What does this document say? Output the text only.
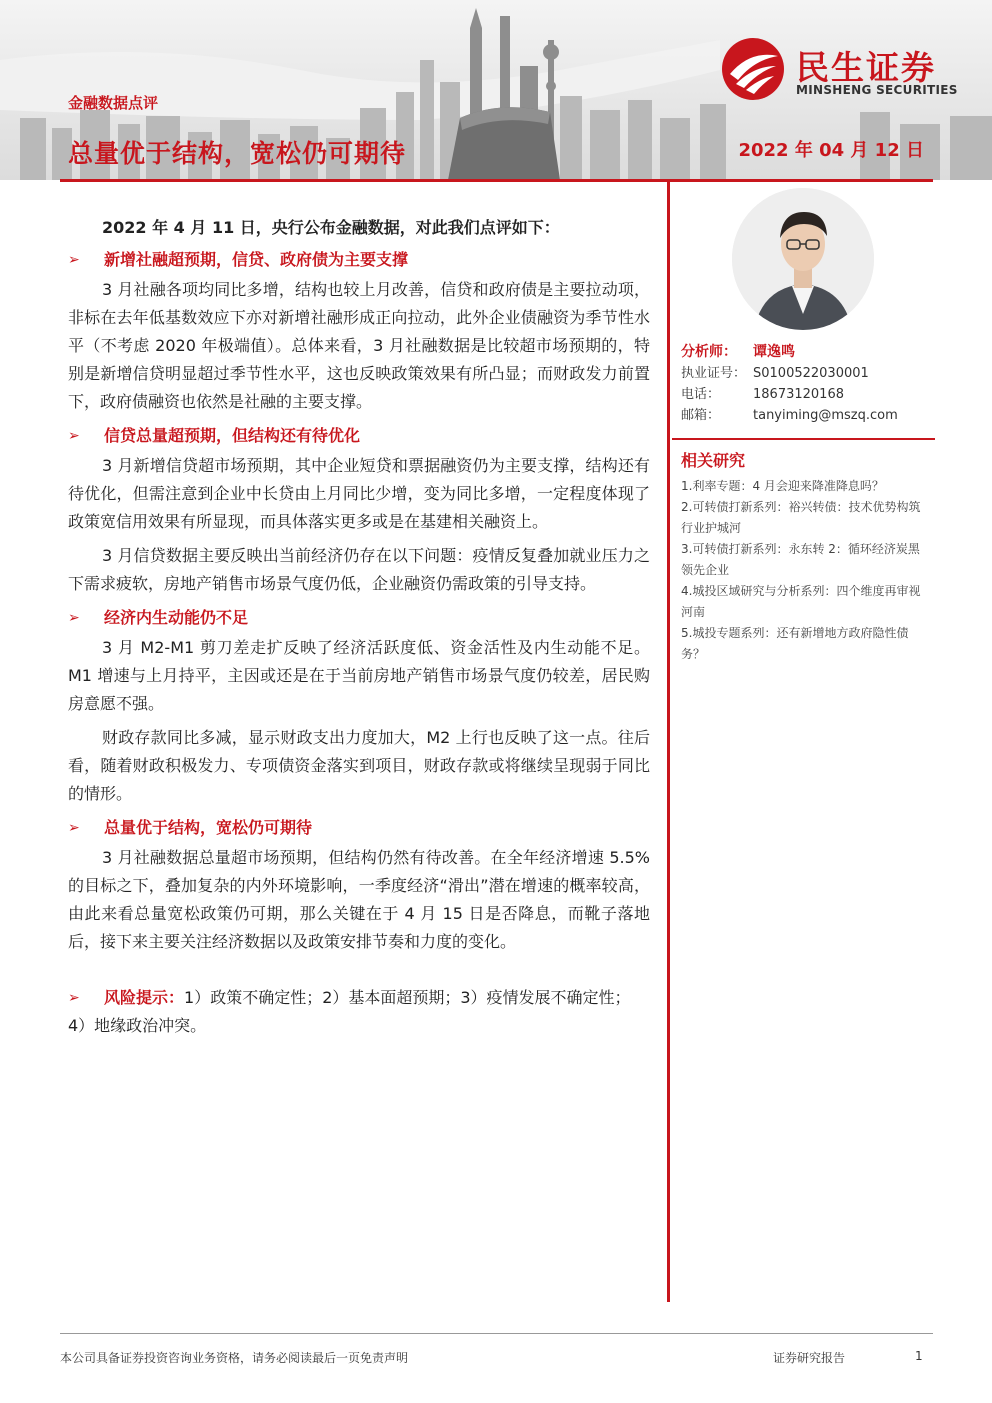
金融数据点评
总量优于结构，宽松仍可期待	2022 年 04 月 12 日
民生证券
MINSHENG SECURITIES

2022 年 4 月 11 日，央行公布金融数据，对此我们点评如下：

➢ 新增社融超预期，信贷、政府债为主要支撑

3 月社融各项均同比多增，结构也较上月改善，信贷和政府债是主要拉动项，非标在去年低基数效应下亦对新增社融形成正向拉动，此外企业债融资为季节性水平（不考虑 2020 年极端值）。总体来看，3 月社融数据是比较超市场预期的，特别是新增信贷明显超过季节性水平，这也反映政策效果有所凸显；而财政发力前置下，政府债融资也依然是社融的主要支撑。

➢ 信贷总量超预期，但结构还有待优化

3 月新增信贷超市场预期，其中企业短贷和票据融资仍为主要支撑，结构还有待优化，但需注意到企业中长贷由上月同比少增，变为同比多增，一定程度体现了政策宽信用效果有所显现，而具体落实更多或是在基建相关融资上。

3 月信贷数据主要反映出当前经济仍存在以下问题：疫情反复叠加就业压力之下需求疲软，房地产销售市场景气度仍低，企业融资仍需政策的引导支持。

➢ 经济内生动能仍不足

3 月 M2-M1 剪刀差走扩反映了经济活跃度低、资金活性及内生动能不足。M1 增速与上月持平，主因或还是在于当前房地产销售市场景气度仍较差，居民购房意愿不强。

财政存款同比多减，显示财政支出力度加大，M2 上行也反映了这一点。往后看，随着财政积极发力、专项债资金落实到项目，财政存款或将继续呈现弱于同比的情形。

➢ 总量优于结构，宽松仍可期待

3 月社融数据总量超市场预期，但结构仍然有待改善。在全年经济增速 5.5%的目标之下，叠加复杂的内外环境影响，一季度经济“滑出”潜在增速的概率较高，由此来看总量宽松政策仍可期，那么关键在于 4 月 15 日是否降息，而靴子落地后，接下来主要关注经济数据以及政策安排节奏和力度的变化。

➢ 风险提示：1）政策不确定性；2）基本面超预期；3）疫情发展不确定性；
4）地缘政治冲突。
分析师： 谭逸鸣
执业证号： S0100522030001
电话：	18673120168
邮箱：	tanyiming@mszq.com
相关研究

1.利率专题：4 月会迎来降准降息吗？

2.可转债打新系列：裕兴转债：技术优势构筑行业护城河

3.可转债打新系列：永东转 2：循环经济炭黑领先企业

4.城投区域研究与分析系列：四个维度再审视河南

5.城投专题系列：还有新增地方政府隐性债务？

本公司具备证券投资咨询业务资格，请务必阅读最后一页免责声明	证券研究报告	1
